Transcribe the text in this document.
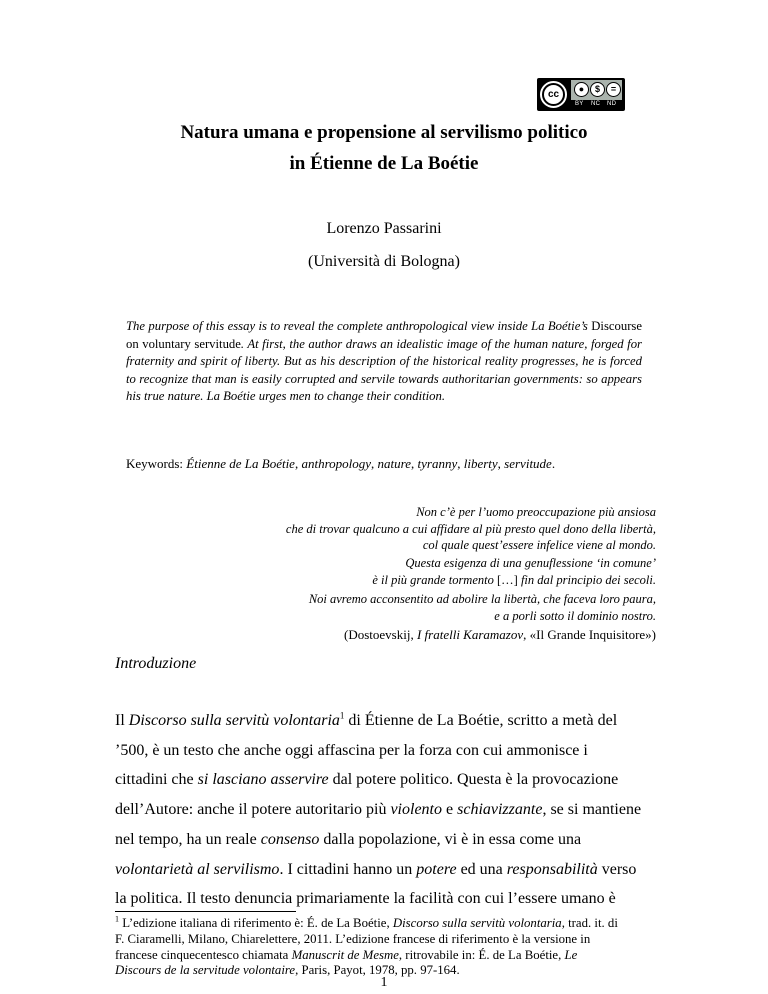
cc	●	$	=
BY NC ND
Natura umana e propensione al servilismo politico
in Étienne de La Boétie
Lorenzo Passarini
(Università di Bologna)
The purpose of this essay is to reveal the complete anthropological view inside La Boétie’s Discourse on voluntary servitude. At first, the author draws an idealistic image of the human nature, forged for fraternity and spirit of liberty. But as his description of the historical reality progresses, he is forced to recognize that man is easily corrupted and servile towards authoritarian governments: so appears his true nature. La Boétie urges men to change their condition.
Keywords: Étienne de La Boétie, anthropology, nature, tyranny, liberty, servitude.
Non c’è per l’uomo preoccupazione più ansiosa
che di trovar qualcuno a cui affidare al più presto quel dono della libertà,
col quale quest’essere infelice viene al mondo.
Questa esigenza di una genuflessione ‘in comune’
è il più grande tormento […] fin dal principio dei secoli.
Noi avremo acconsentito ad abolire la libertà, che faceva loro paura,
e a porli sotto il dominio nostro.
(Dostoevskij, I fratelli Karamazov, «Il Grande Inquisitore»)
Introduzione
Il Discorso sulla servitù volontaria$^1$ di Étienne de La Boétie, scritto a metà del
’500, è un testo che anche oggi affascina per la forza con cui ammonisce i
cittadini che si lasciano asservire dal potere politico. Questa è la provocazione
dell’Autore: anche il potere autoritario più violento e schiavizzante, se si mantiene
nel tempo, ha un reale consenso dalla popolazione, vi è in essa come una
volontarietà al servilismo. I cittadini hanno un potere ed una responsabilità verso
la politica. Il testo denuncia primariamente la facilità con cui l’essere umano è
$^1$ L’edizione italiana di riferimento è: É. de La Boétie, Discorso sulla servitù volontaria, trad. it. di
F. Ciaramelli, Milano, Chiarelettere, 2011. L’edizione francese di riferimento è la versione in
francese cinquecentesco chiamata Manuscrit de Mesme, ritrovabile in: É. de La Boétie, Le
Discours de la servitude volontaire, Paris, Payot, 1978, pp. 97-164.
1
